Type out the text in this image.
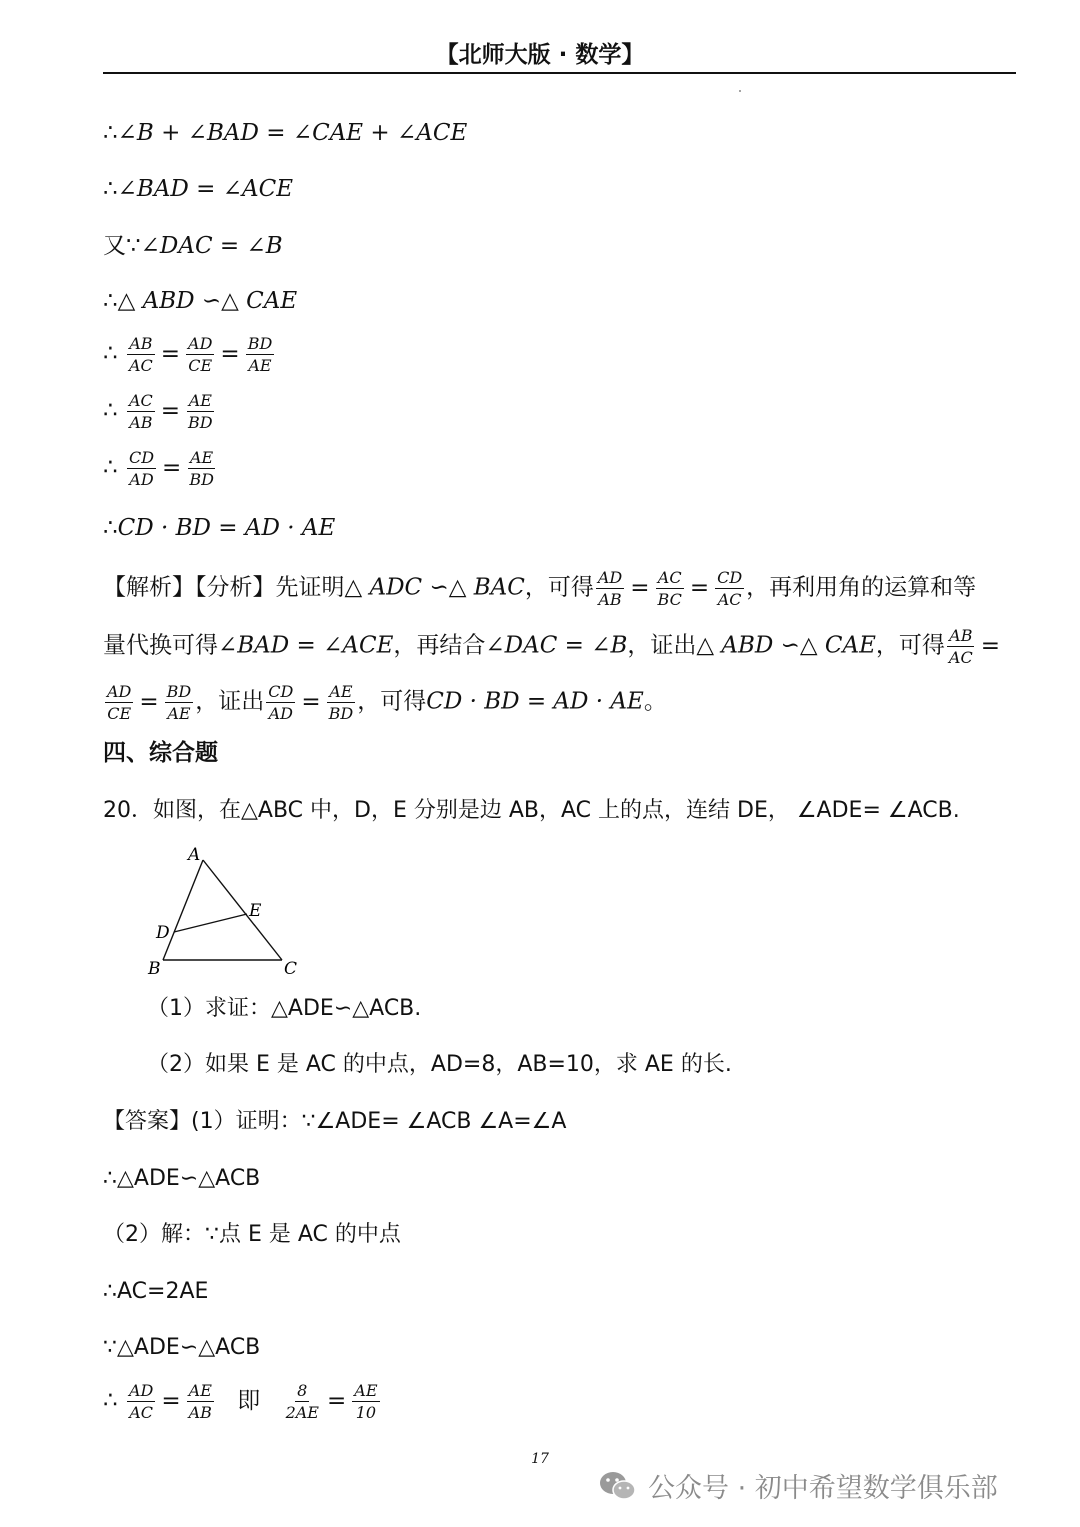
【北师大版 · 数学】
∴∠B + ∠BAD = ∠CAE + ∠ACE
∴∠BAD = ∠ACE
又∵∠DAC = ∠B
∴△ ABD ∽△ CAE
∴ $\frac{AB}{AC} = \frac{AD}{CE} = \frac{BD}{AE}$
∴ $\frac{AC}{AB} = \frac{AE}{BD}$
∴ $\frac{CD}{AD} = \frac{AE}{BD}$
∴CD · BD = AD · AE
【解析】【分析】先证明△ ADC ∽△ BAC，可得 $\frac{AD}{AB} = \frac{AC}{BC} = \frac{CD}{AC}$ ，再利用角的运算和等
量代换可得∠BAD = ∠ACE，再结合∠DAC = ∠B，证出△ ABD ∽△ CAE，可得 $\frac{AB}{AC}$ =
$\frac{AD}{CE} = \frac{BD}{AE}$ ，证出 $\frac{CD}{AD} = \frac{AE}{BD}$ ，可得CD · BD = AD · AE。
四、综合题
20．如图，在△ABC 中，D，E 分别是边 AB，AC 上的点，连结 DE， ∠ADE= ∠ACB.
A
B	C
D
E
（1）求证：△ADE∽△ACB.
（2）如果 E 是 AC 的中点，AD=8，AB=10，求 AE 的长.
【答案】(1）证明：∵∠ADE= ∠ACB ∠A=∠A
∴△ADE∽△ACB
（2）解：∵点 E 是 AC 的中点
∴AC=2AE
∵△ADE∽△ACB
∴ $\frac{AD}{AC} = \frac{AE}{AB}$ 即 $\frac{8}{2AE} = \frac{AE}{10}$
17
公众号 · 初中希望数学俱乐部
